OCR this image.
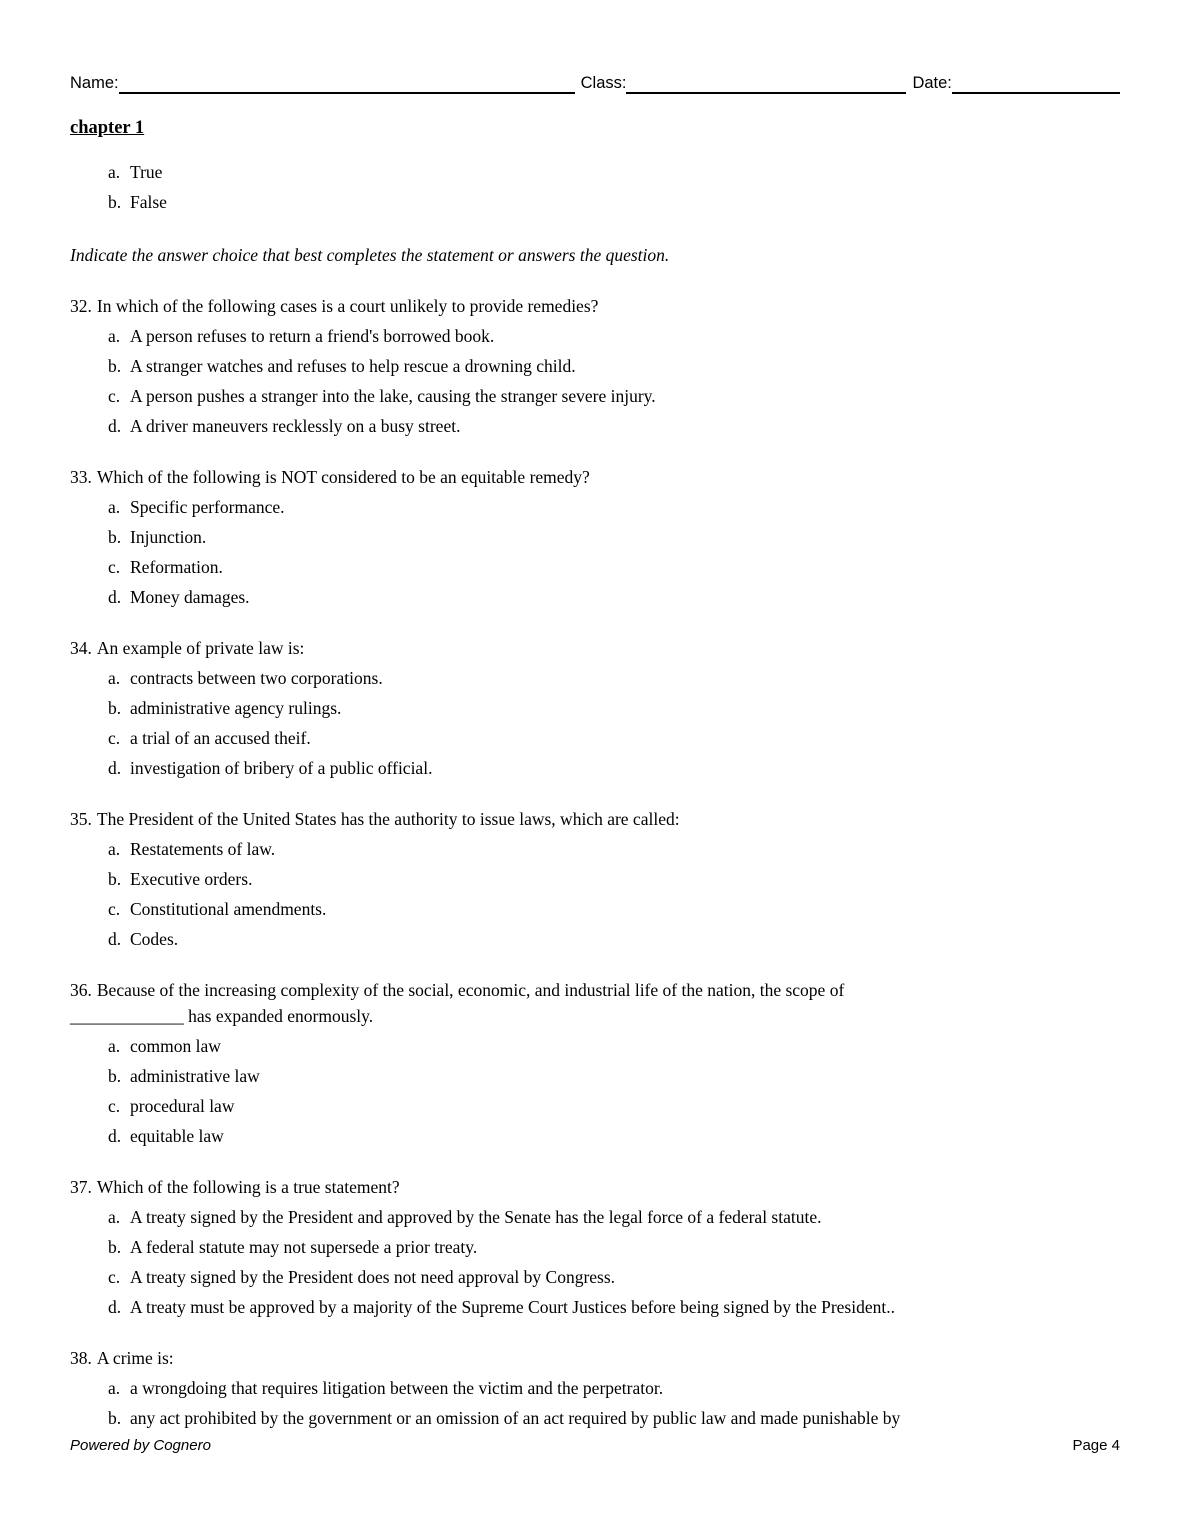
Name:	Class:	Date:
chapter 1
a. True
b. False
Indicate the answer choice that best completes the statement or answers the question.
32. In which of the following cases is a court unlikely to provide remedies?
a. A person refuses to return a friend's borrowed book.
b. A stranger watches and refuses to help rescue a drowning child.
c. A person pushes a stranger into the lake, causing the stranger severe injury.
d. A driver maneuvers recklessly on a busy street.
33. Which of the following is NOT considered to be an equitable remedy?
a. Specific performance.
b. Injunction.
c. Reformation.
d. Money damages.
34. An example of private law is:
a. contracts between two corporations.
b. administrative agency rulings.
c. a trial of an accused theif.
d. investigation of bribery of a public official.
35. The President of the United States has the authority to issue laws, which are called:
a. Restatements of law.
b. Executive orders.
c. Constitutional amendments.
d. Codes.
36. Because of the increasing complexity of the social, economic, and industrial life of the nation, the scope of
_____________ has expanded enormously.
a. common law
b. administrative law
c. procedural law
d. equitable law
37. Which of the following is a true statement?
a. A treaty signed by the President and approved by the Senate has the legal force of a federal statute.
b. A federal statute may not supersede a prior treaty.
c. A treaty signed by the President does not need approval by Congress.
d. A treaty must be approved by a majority of the Supreme Court Justices before being signed by the President..
38. A crime is:
a. a wrongdoing that requires litigation between the victim and the perpetrator.
b. any act prohibited by the government or an omission of an act required by public law and made punishable by
Powered by Cognero	Page 4
